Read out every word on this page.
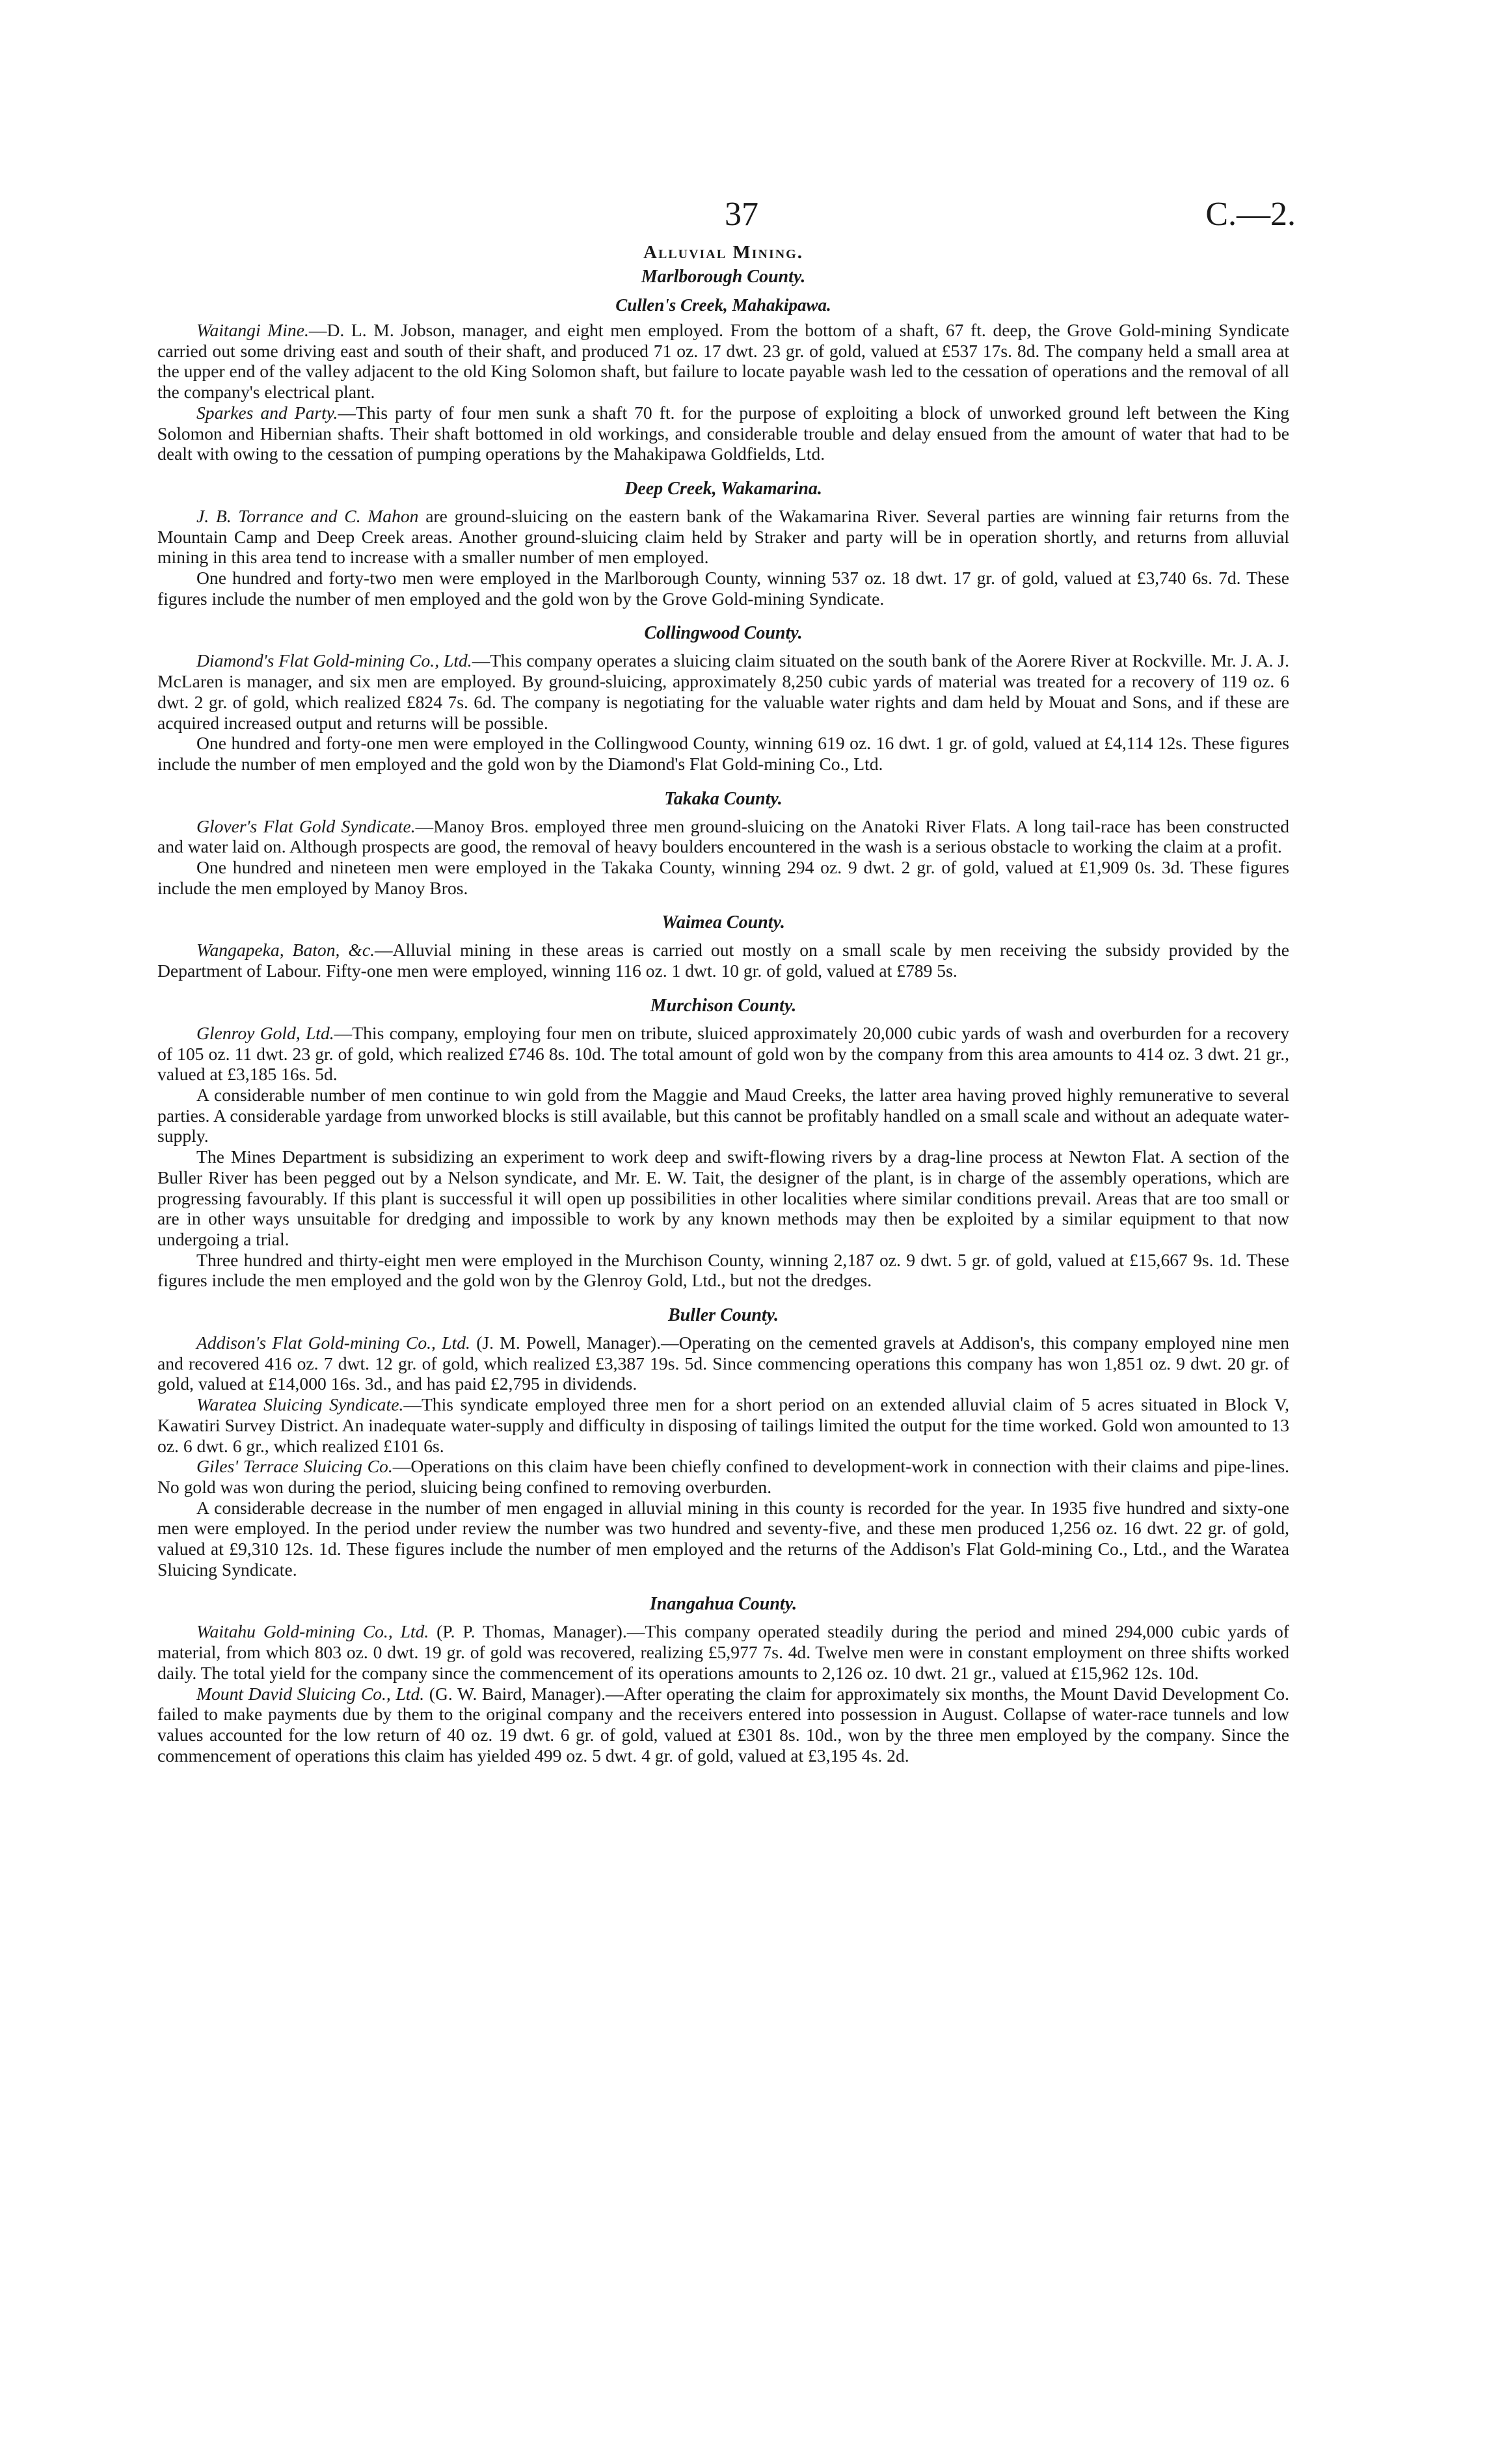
37	C.—2.
Alluvial Mining.
Marlborough County.
Cullen's Creek, Mahakipawa.

Waitangi Mine.—D. L. M. Jobson, manager, and eight men employed. From the bottom of a shaft, 67 ft. deep, the Grove Gold-mining Syndicate carried out some driving east and south of their shaft, and produced 71 oz. 17 dwt. 23 gr. of gold, valued at £537 17s. 8d. The company held a small area at the upper end of the valley adjacent to the old King Solomon shaft, but failure to locate payable wash led to the cessation of operations and the removal of all the company's electrical plant.

Sparkes and Party.—This party of four men sunk a shaft 70 ft. for the purpose of exploiting a block of unworked ground left between the King Solomon and Hibernian shafts. Their shaft bottomed in old workings, and considerable trouble and delay ensued from the amount of water that had to be dealt with owing to the cessation of pumping operations by the Mahakipawa Goldfields, Ltd.

Deep Creek, Wakamarina.

J. B. Torrance and C. Mahon are ground-sluicing on the eastern bank of the Wakamarina River. Several parties are winning fair returns from the Mountain Camp and Deep Creek areas. Another ground-sluicing claim held by Straker and party will be in operation shortly, and returns from alluvial mining in this area tend to increase with a smaller number of men employed.

One hundred and forty-two men were employed in the Marlborough County, winning 537 oz. 18 dwt. 17 gr. of gold, valued at £3,740 6s. 7d. These figures include the number of men employed and the gold won by the Grove Gold-mining Syndicate.

Collingwood County.

Diamond's Flat Gold-mining Co., Ltd.—This company operates a sluicing claim situated on the south bank of the Aorere River at Rockville. Mr. J. A. J. McLaren is manager, and six men are employed. By ground-sluicing, approximately 8,250 cubic yards of material was treated for a recovery of 119 oz. 6 dwt. 2 gr. of gold, which realized £824 7s. 6d. The company is negotiating for the valuable water rights and dam held by Mouat and Sons, and if these are acquired increased output and returns will be possible.

One hundred and forty-one men were employed in the Collingwood County, winning 619 oz. 16 dwt. 1 gr. of gold, valued at £4,114 12s. These figures include the number of men employed and the gold won by the Diamond's Flat Gold-mining Co., Ltd.

Takaka County.

Glover's Flat Gold Syndicate.—Manoy Bros. employed three men ground-sluicing on the Anatoki River Flats. A long tail-race has been constructed and water laid on. Although prospects are good, the removal of heavy boulders encountered in the wash is a serious obstacle to working the claim at a profit.

One hundred and nineteen men were employed in the Takaka County, winning 294 oz. 9 dwt. 2 gr. of gold, valued at £1,909 0s. 3d. These figures include the men employed by Manoy Bros.

Waimea County.

Wangapeka, Baton, &c.—Alluvial mining in these areas is carried out mostly on a small scale by men receiving the subsidy provided by the Department of Labour. Fifty-one men were employed, winning 116 oz. 1 dwt. 10 gr. of gold, valued at £789 5s.

Murchison County.

Glenroy Gold, Ltd.—This company, employing four men on tribute, sluiced approximately 20,000 cubic yards of wash and overburden for a recovery of 105 oz. 11 dwt. 23 gr. of gold, which realized £746 8s. 10d. The total amount of gold won by the company from this area amounts to 414 oz. 3 dwt. 21 gr., valued at £3,185 16s. 5d.

A considerable number of men continue to win gold from the Maggie and Maud Creeks, the latter area having proved highly remunerative to several parties. A considerable yardage from unworked blocks is still available, but this cannot be profitably handled on a small scale and without an adequate water-supply.

The Mines Department is subsidizing an experiment to work deep and swift-flowing rivers by a drag-line process at Newton Flat. A section of the Buller River has been pegged out by a Nelson syndicate, and Mr. E. W. Tait, the designer of the plant, is in charge of the assembly operations, which are progressing favourably. If this plant is successful it will open up possibilities in other localities where similar conditions prevail. Areas that are too small or are in other ways unsuitable for dredging and impossible to work by any known methods may then be exploited by a similar equipment to that now undergoing a trial.

Three hundred and thirty-eight men were employed in the Murchison County, winning 2,187 oz. 9 dwt. 5 gr. of gold, valued at £15,667 9s. 1d. These figures include the men employed and the gold won by the Glenroy Gold, Ltd., but not the dredges.

Buller County.

Addison's Flat Gold-mining Co., Ltd. (J. M. Powell, Manager).—Operating on the cemented gravels at Addison's, this company employed nine men and recovered 416 oz. 7 dwt. 12 gr. of gold, which realized £3,387 19s. 5d. Since commencing operations this company has won 1,851 oz. 9 dwt. 20 gr. of gold, valued at £14,000 16s. 3d., and has paid £2,795 in dividends.

Waratea Sluicing Syndicate.—This syndicate employed three men for a short period on an extended alluvial claim of 5 acres situated in Block V, Kawatiri Survey District. An inadequate water-supply and difficulty in disposing of tailings limited the output for the time worked. Gold won amounted to 13 oz. 6 dwt. 6 gr., which realized £101 6s.

Giles' Terrace Sluicing Co.—Operations on this claim have been chiefly confined to development-work in connection with their claims and pipe-lines. No gold was won during the period, sluicing being confined to removing overburden.

A considerable decrease in the number of men engaged in alluvial mining in this county is recorded for the year. In 1935 five hundred and sixty-one men were employed. In the period under review the number was two hundred and seventy-five, and these men produced 1,256 oz. 16 dwt. 22 gr. of gold, valued at £9,310 12s. 1d. These figures include the number of men employed and the returns of the Addison's Flat Gold-mining Co., Ltd., and the Waratea Sluicing Syndicate.

Inangahua County.

Waitahu Gold-mining Co., Ltd. (P. P. Thomas, Manager).—This company operated steadily during the period and mined 294,000 cubic yards of material, from which 803 oz. 0 dwt. 19 gr. of gold was recovered, realizing £5,977 7s. 4d. Twelve men were in constant employment on three shifts worked daily. The total yield for the company since the commencement of its operations amounts to 2,126 oz. 10 dwt. 21 gr., valued at £15,962 12s. 10d.

Mount David Sluicing Co., Ltd. (G. W. Baird, Manager).—After operating the claim for approximately six months, the Mount David Development Co. failed to make payments due by them to the original company and the receivers entered into possession in August. Collapse of water-race tunnels and low values accounted for the low return of 40 oz. 19 dwt. 6 gr. of gold, valued at £301 8s. 10d., won by the three men employed by the company. Since the commencement of operations this claim has yielded 499 oz. 5 dwt. 4 gr. of gold, valued at £3,195 4s. 2d.
